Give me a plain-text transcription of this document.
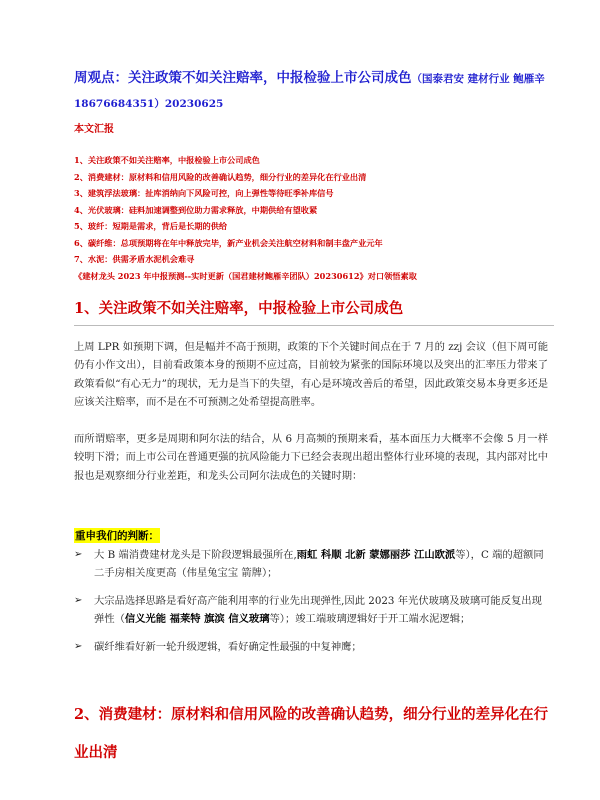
周观点：关注政策不如关注赔率，中报检验上市公司成色（国泰君安 建材行业 鲍雁辛 18676684351）20230625

本文汇报

1、关注政策不如关注赔率，中报检验上市公司成色
2、消费建材：原材料和信用风险的改善确认趋势，细分行业的差异化在行业出清
3、建筑浮法玻璃：扯库消纳向下风险可控，向上弹性等待旺季补库信号
4、光伏玻璃：硅料加速调整到位助力需求释放，中期供给有望收紧
5、玻纤：短期是需求，背后是长期的供给
6、碳纤维：总项预期将在年中释放完毕，新产业机会关注航空材料和制丰盘产业元年
7、水泥：供需矛盾水泥机会难寻
《建材龙头 2023 年中报预测--实时更新（国君建材鲍雁辛团队）20230612》对口领悟素取
1、关注政策不如关注赔率，中报检验上市公司成色

上周 LPR 如预期下调，但是幅并不高于预期，政策的下个关键时间点在于 7 月的 zzj 会议（但下周可能仍有小作文出），目前看政策本身的预期不应过高，目前较为紧张的国际环境以及突出的汇率压力带来了政策看似“有心无力”的现状，无力是当下的失望，有心是环境改善后的希望，因此政策交易本身更多还是应该关注赔率，而不是在不可预测之处希望提高胜率。

而所谓赔率，更多是周期和阿尔法的结合，从 6 月高频的预期来看，基本面压力大概率不会像 5 月一样较明下滑；而上市公司在普通更强的抗风险能力下已经会表现出超出整体行业环境的表现，其内部对比中报也是观察细分行业差距，和龙头公司阿尔法成色的关键时期：

重申我们的判断：

➢ 大 B 端消费建材龙头是下阶段逻辑最强所在,雨虹 科顺 北新 蒙娜丽莎 江山欧派等），C 端的超额同二手房相关度更高（伟星兔宝宝 箭牌）；
➢ 大宗品选择思路是看好高产能利用率的行业先出现弹性,因此 2023 年光伏玻璃及玻璃可能反复出现弹性（信义光能 福莱特 旗滨 信义玻璃等）；竣工端玻璃逻辑好于开工端水泥逻辑；
➢ 碳纤维看好新一轮升级逻辑，看好确定性最强的中复神鹰；
2、消费建材：原材料和信用风险的改善确认趋势，细分行业的差异化在行业出清
